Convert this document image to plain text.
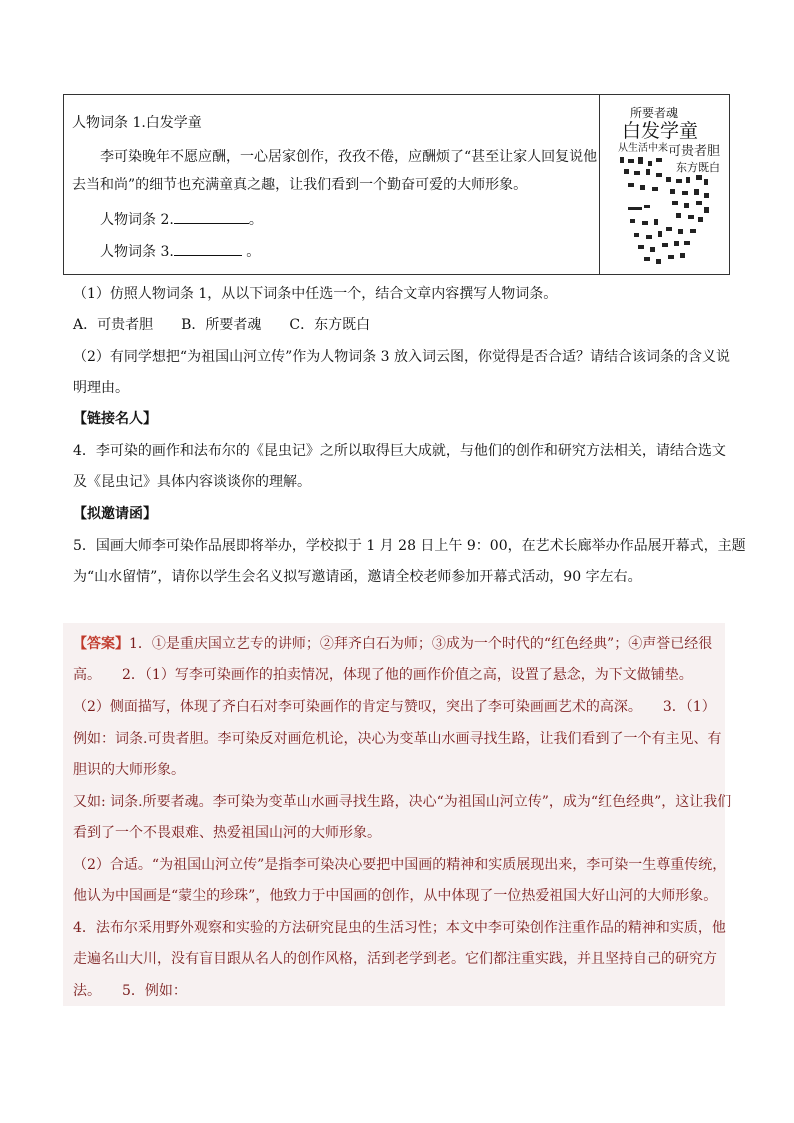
人物词条 1.白发学童
李可染晚年不愿应酬，一心居家创作，孜孜不倦，应酬烦了“甚至让家人回复说他
去当和尚”的细节也充满童真之趣，让我们看到一个勤奋可爱的大师形象。
人物词条 2.	。
人物词条 3.	。
所要者魂
白发学童
从生活中来 可贵者胆
东方既白
（1）仿照人物词条 1，从以下词条中任选一个，结合文章内容撰写人物词条。
A．可贵者胆　　B．所要者魂　　C．东方既白
（2）有同学想把“为祖国山河立传”作为人物词条 3 放入词云图，你觉得是否合适？请结合该词条的含义说
明理由。
【链接名人】
4．李可染的画作和法布尔的《昆虫记》之所以取得巨大成就，与他们的创作和研究方法相关，请结合选文
及《昆虫记》具体内容谈谈你的理解。
【拟邀请函】
5．国画大师李可染作品展即将举办，学校拟于 1 月 28 日上午 9：00，在艺术长廊举办作品展开幕式，主题
为“山水留情”，请你以学生会名义拟写邀请函，邀请全校老师参加开幕式活动，90 字左右。
【答案】1．①是重庆国立艺专的讲师；②拜齐白石为师；③成为一个时代的“红色经典”；④声誉已经很
高。　　2．（1）写李可染画作的拍卖情况，体现了他的画作价值之高，设置了悬念，为下文做铺垫。
（2）侧面描写，体现了齐白石对李可染画作的肯定与赞叹，突出了李可染画画艺术的高深。　　3．（1）
例如：词条.可贵者胆。李可染反对画危机论，决心为变革山水画寻找生路，让我们看到了一个有主见、有
胆识的大师形象。
又如: 词条.所要者魂。李可染为变革山水画寻找生路，决心“为祖国山河立传”，成为“红色经典”，这让我们
看到了一个不畏艰难、热爱祖国山河的大师形象。
（2）合适。“为祖国山河立传”是指李可染决心要把中国画的精神和实质展现出来，李可染一生尊重传统，
他认为中国画是“蒙尘的珍珠”，他致力于中国画的创作，从中体现了一位热爱祖国大好山河的大师形象。
4．法布尔采用野外观察和实验的方法研究昆虫的生活习性；本文中李可染创作注重作品的精神和实质，他
走遍名山大川，没有盲目跟从名人的创作风格，活到老学到老。它们都注重实践，并且坚持自己的研究方
法。　　5．例如：
